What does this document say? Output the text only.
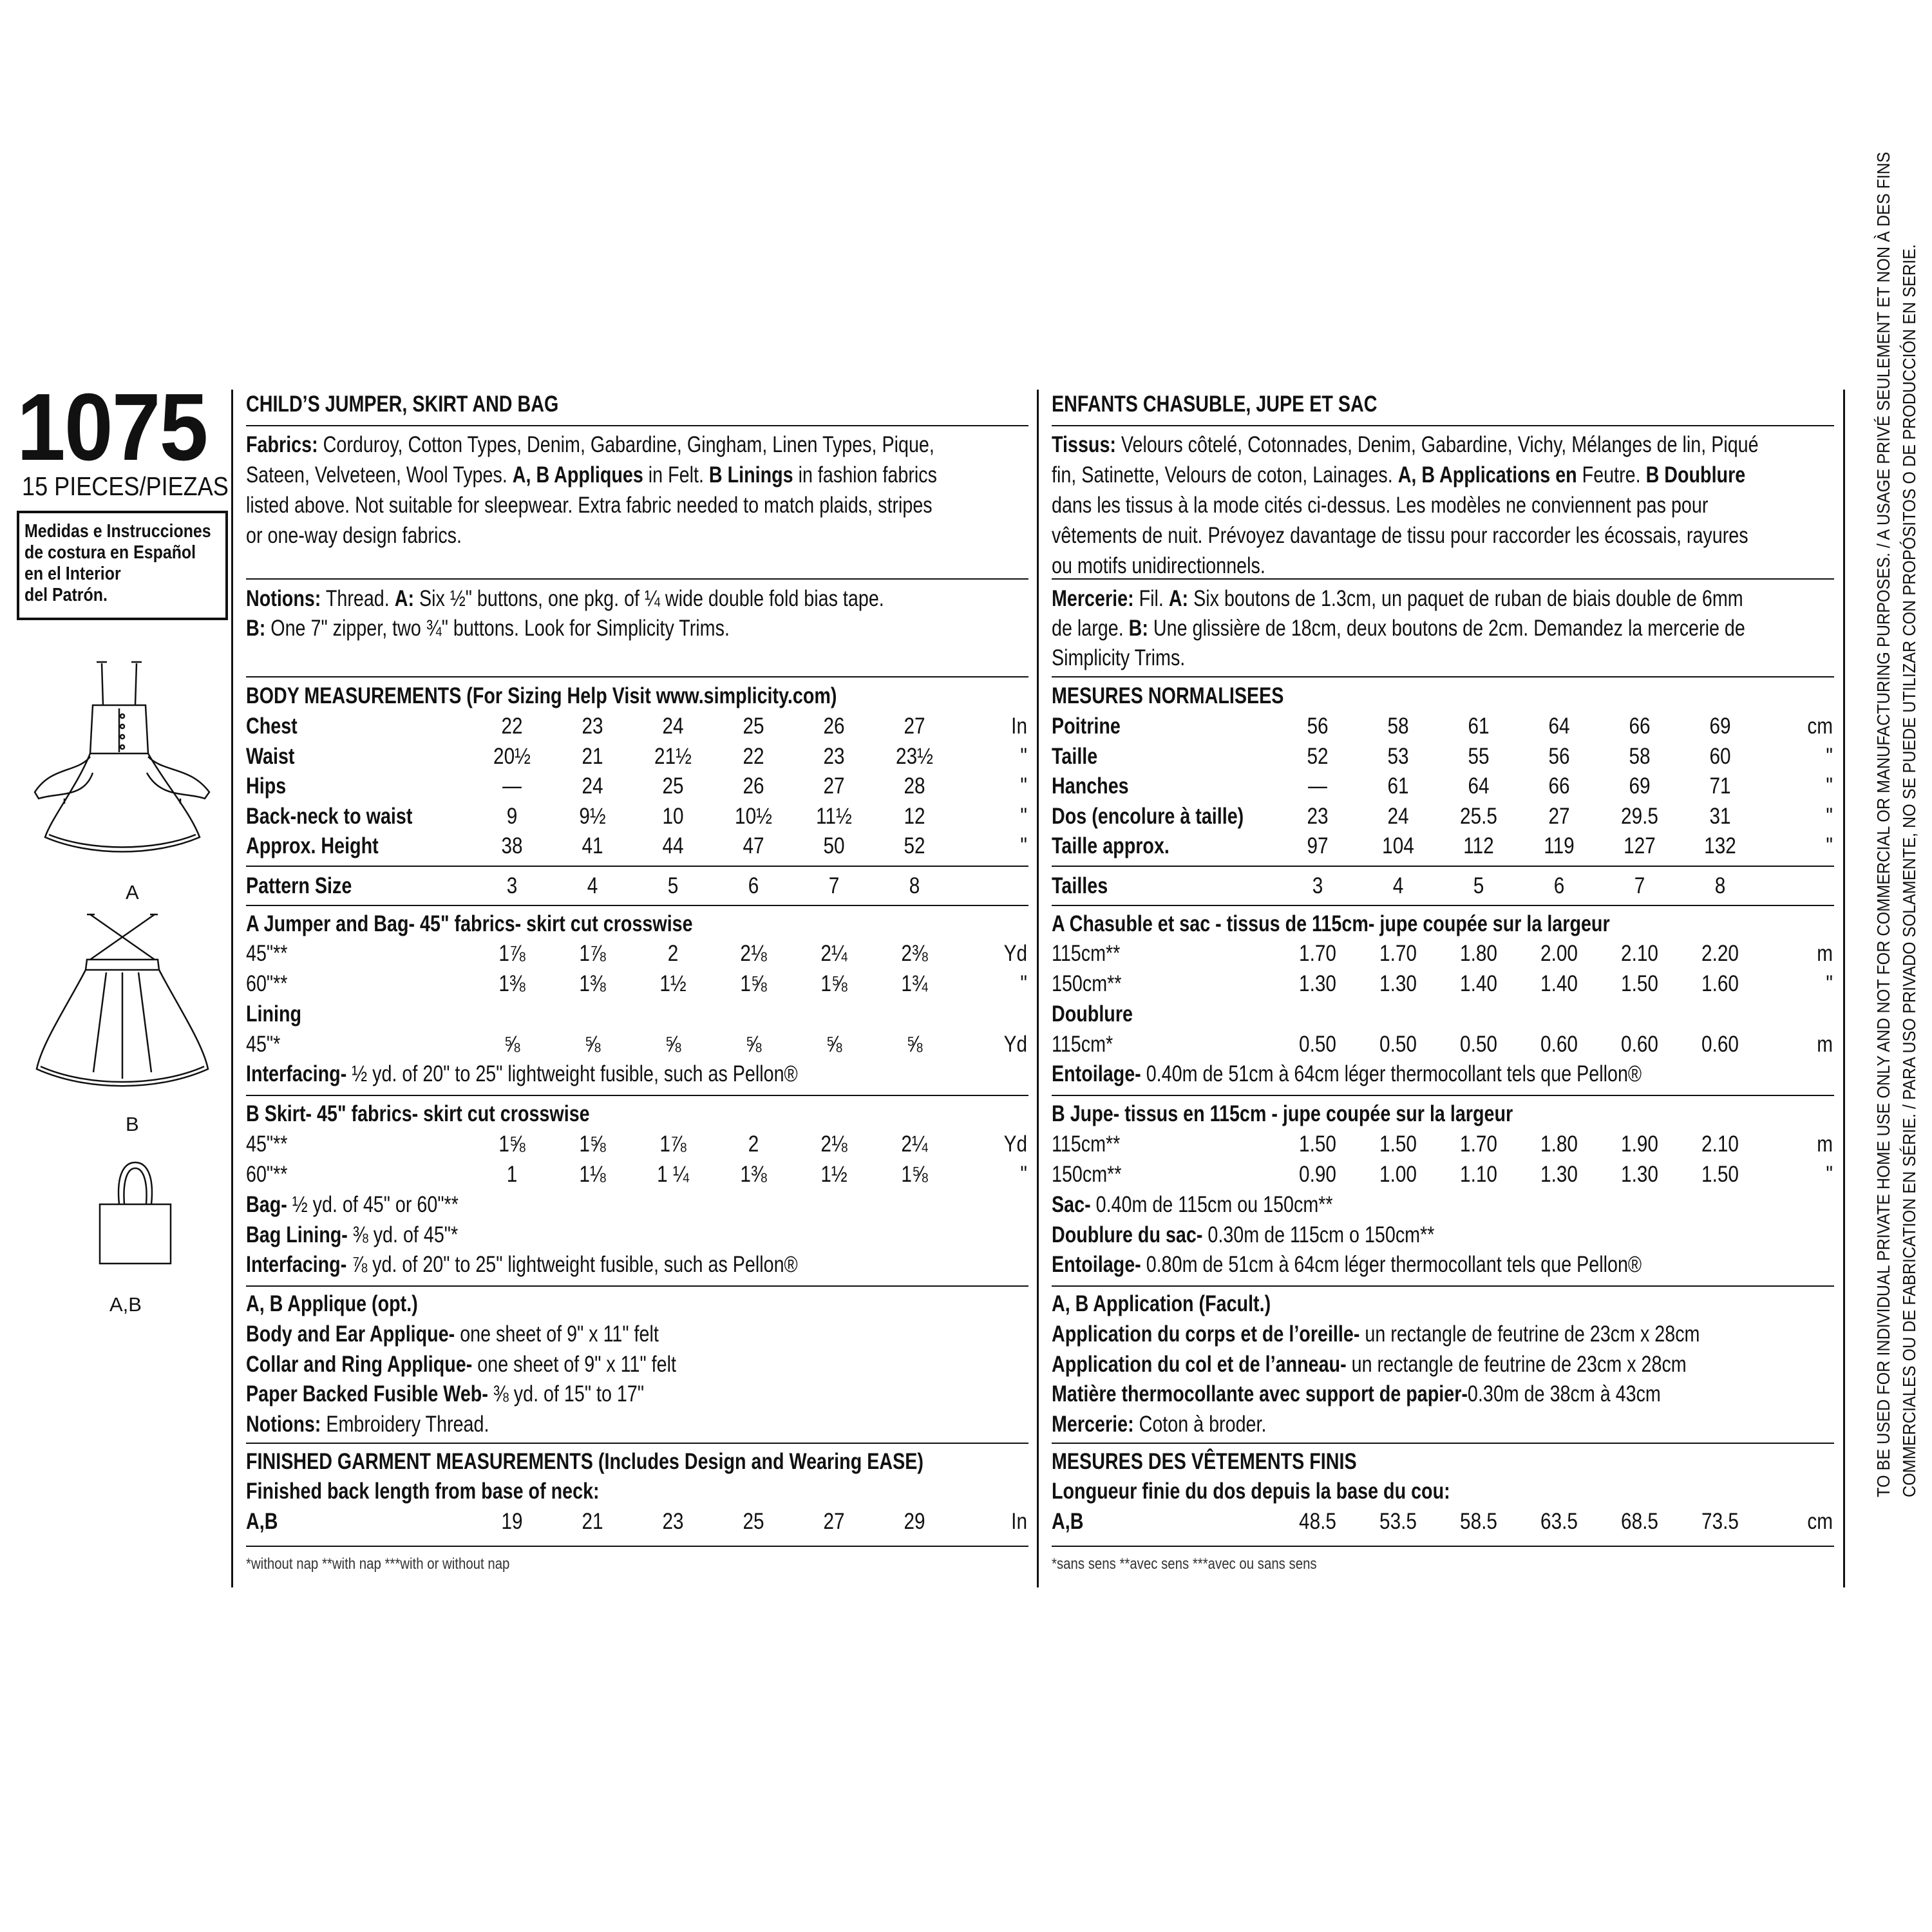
1075
15 PIECES/PIEZAS
Medidas e Instrucciones
de costura en Español
en el Interior
del Patrón.
A
B
A,B
CHILD’S JUMPER, SKIRT AND BAG
Fabrics: Corduroy, Cotton Types, Denim, Gabardine, Gingham, Linen Types, Pique,
Sateen, Velveteen, Wool Types. A, B Appliques in Felt. B Linings in fashion fabrics
listed above. Not suitable for sleepwear. Extra fabric needed to match plaids, stripes
or one-way design fabrics.
Notions: Thread. A: Six ½" buttons, one pkg. of ¼ wide double fold bias tape.
B: One 7" zipper, two ¾" buttons. Look for Simplicity Trims.
BODY MEASUREMENTS (For Sizing Help Visit www.simplicity.com)
Chest	22	23	24	25	26	27	In
Waist	20½ 21 21½ 22	23 23½	"
Hips	—	24	25	26	27	28	"
Back-neck to waist	9	9½	10 10½ 11½ 12	"
Approx. Height	38	41	44	47	50	52	"
Pattern Size	3	4	5	6	7	8
A Jumper and Bag- 45" fabrics- skirt cut crosswise
45"**	1⅞ 1⅞	2	2⅛ 2¼ 2⅜	Yd
60"**	1⅜ 1⅜ 1½ 1⅝ 1⅝ 1¾	"
Lining
45"*	⅝	⅝	⅝	⅝	⅝	⅝	Yd
Interfacing- ½ yd. of 20" to 25" lightweight fusible, such as Pellon®
B Skirt- 45" fabrics- skirt cut crosswise
45"**	1⅝ 1⅝ 1⅞	2	2⅛ 2¼	Yd
60"**	1	1⅛ 1 ¼ 1⅜ 1½ 1⅝	"
Bag- ½ yd. of 45" or 60"**
Bag Lining- ⅜ yd. of 45"*
Interfacing- ⅞ yd. of 20" to 25" lightweight fusible, such as Pellon®
A, B Applique (opt.)
Body and Ear Applique- one sheet of 9" x 11" felt
Collar and Ring Applique- one sheet of 9" x 11" felt
Paper Backed Fusible Web- ⅜ yd. of 15" to 17"
Notions: Embroidery Thread.
FINISHED GARMENT MEASUREMENTS (Includes Design and Wearing EASE)
Finished back length from base of neck:
A,B	19	21	23	25	27	29	In
*without nap **with nap ***with or without nap
ENFANTS CHASUBLE, JUPE ET SAC
Tissus: Velours côtelé, Cotonnades, Denim, Gabardine, Vichy, Mélanges de lin, Piqué
fin, Satinette, Velours de coton, Lainages. A, B Applications en Feutre. B Doublure
dans les tissus à la mode cités ci-dessus. Les modèles ne conviennent pas pour
vêtements de nuit. Prévoyez davantage de tissu pour raccorder les écossais, rayures
ou motifs unidirectionnels.
Mercerie: Fil. A: Six boutons de 1.3cm, un paquet de ruban de biais double de 6mm
de large. B: Une glissière de 18cm, deux boutons de 2cm. Demandez la mercerie de
Simplicity Trims.
MESURES NORMALISEES
Poitrine	56	58	61	64	66	69	cm
Taille	52	53	55	56	58	60	"
Hanches	—	61	64	66	69	71	"
Dos (encolure à taille)	23	24 25.5 27 29.5 31	"
Taille approx.	97 104 112 119 127 132	"
Tailles	3	4	5	6	7	8
A Chasuble et sac - tissus de 115cm- jupe coupée sur la largeur
115cm**	1.70 1.70 1.80 2.00 2.10 2.20	m
150cm**	1.30 1.30 1.40 1.40 1.50 1.60	"
Doublure
115cm*	0.50 0.50 0.50 0.60 0.60 0.60	m
Entoilage- 0.40m de 51cm à 64cm léger thermocollant tels que Pellon®
B Jupe- tissus en 115cm - jupe coupée sur la largeur
115cm**	1.50 1.50 1.70 1.80 1.90 2.10	m
150cm**	0.90 1.00 1.10 1.30 1.30 1.50	"
Sac- 0.40m de 115cm ou 150cm**
Doublure du sac- 0.30m de 115cm o 150cm**
Entoilage- 0.80m de 51cm à 64cm léger thermocollant tels que Pellon®
A, B Application (Facult.)
Application du corps et de l’oreille- un rectangle de feutrine de 23cm x 28cm
Application du col et de l’anneau- un rectangle de feutrine de 23cm x 28cm
Matière thermocollante avec support de papier-0.30m de 38cm à 43cm
Mercerie: Coton à broder.
MESURES DES VÊTEMENTS FINIS
Longueur finie du dos depuis la base du cou:
A,B	48.5 53.5 58.5 63.5 68.5 73.5	cm
*sans sens **avec sens ***avec ou sans sens
TO BE USED FOR INDIVIDUAL PRIVATE HOME USE ONLY AND NOT FOR COMMERCIAL OR MANUFACTURING PURPOSES. / A USAGE PRIVÉ SEULEMENT ET NON À DES FINS COMMERCIALES OU DE FABRICATION EN SÉRIE. / PARA USO PRIVADO SOLAMENTE, NO SE PUEDE UTILIZAR CON PROPÓSITOS O DE PRODUCCIÓN EN SERIE.
